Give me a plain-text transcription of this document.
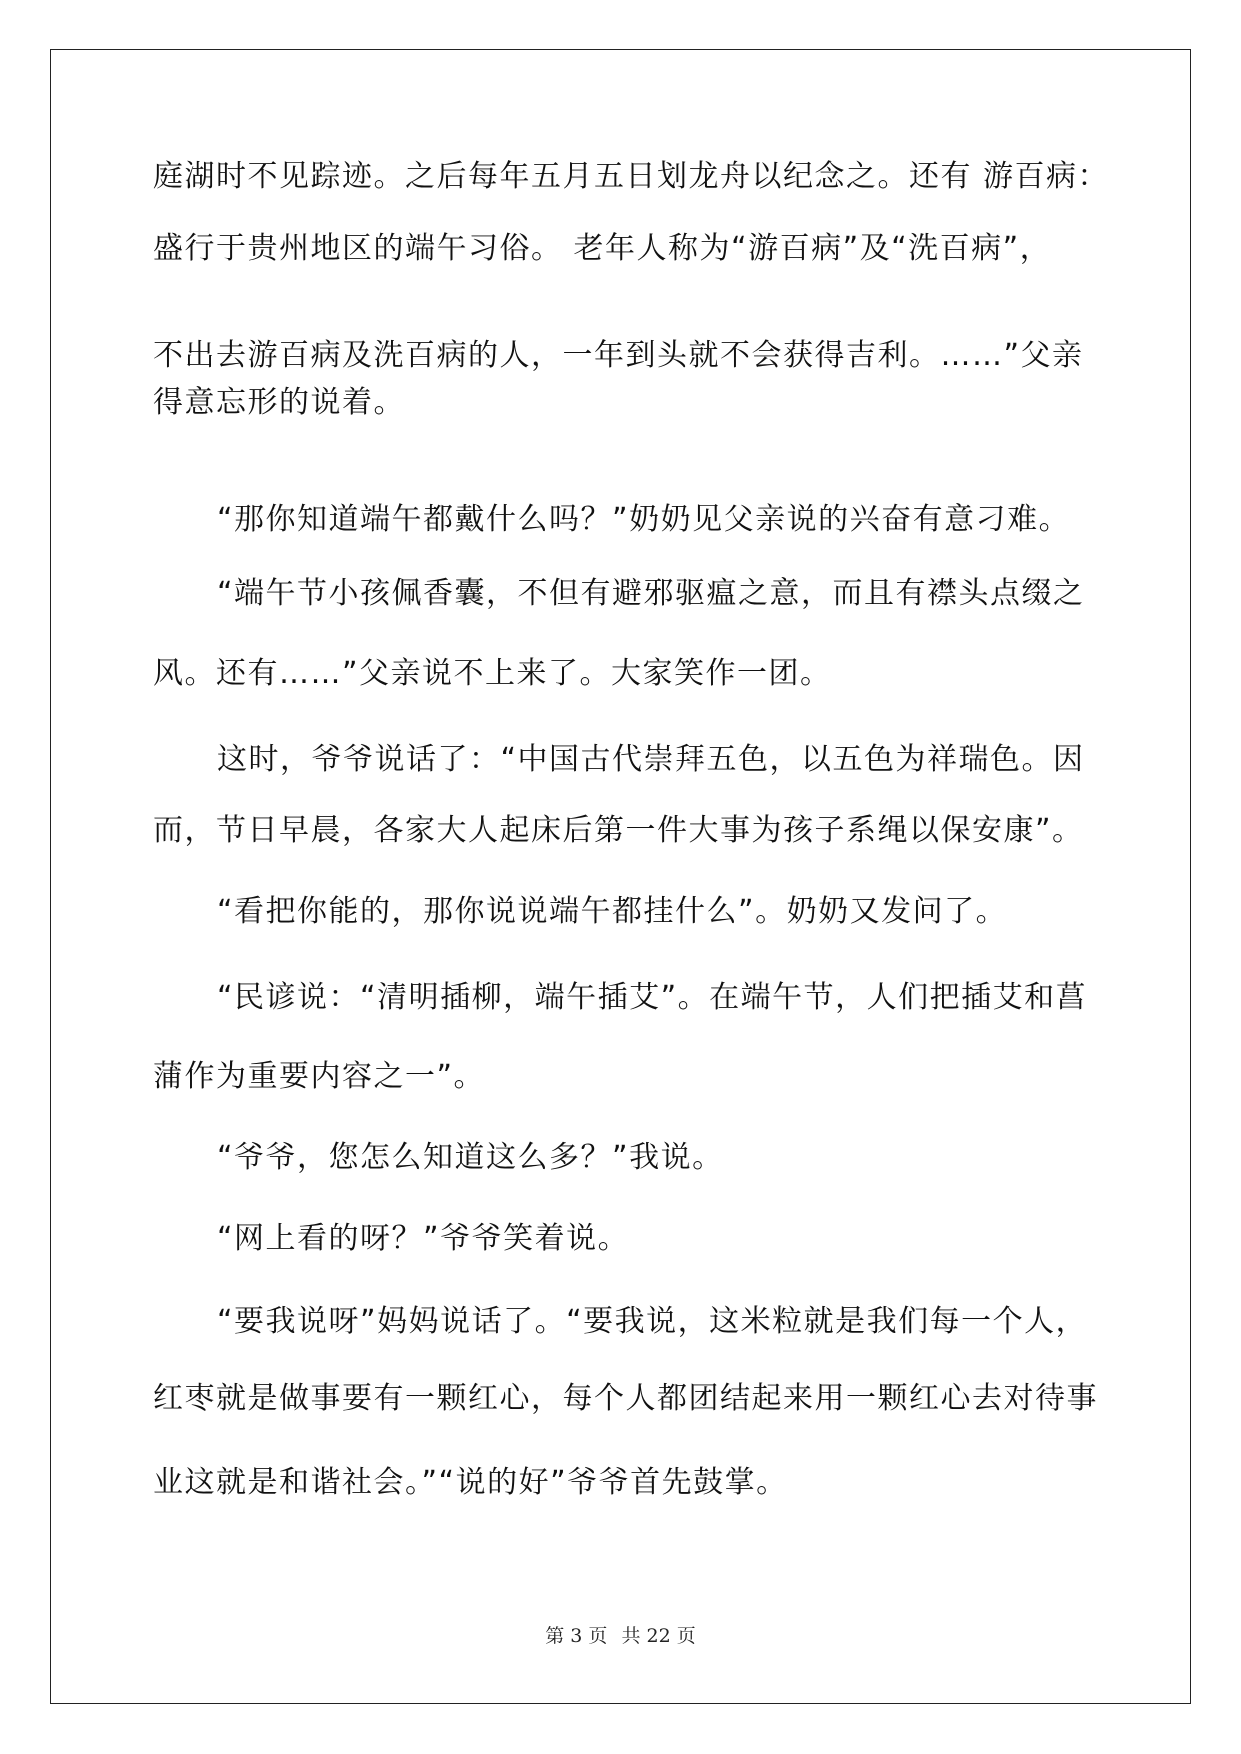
庭湖时不见踪迹。之后每年五月五日划龙舟以纪念之。还有 游百病：
盛行于贵州地区的端午习俗。 老年人称为“游百病”及“洗百病”，
不出去游百病及洗百病的人，一年到头就不会获得吉利。……”父亲
得意忘形的说着。
“那你知道端午都戴什么吗？”奶奶见父亲说的兴奋有意刁难。
“端午节小孩佩香囊，不但有避邪驱瘟之意，而且有襟头点缀之
风。还有……”父亲说不上来了。大家笑作一团。
这时，爷爷说话了：“中国古代崇拜五色，以五色为祥瑞色。因
而，节日早晨，各家大人起床后第一件大事为孩子系绳以保安康”。
“看把你能的，那你说说端午都挂什么”。奶奶又发问了。
“民谚说：“清明插柳，端午插艾”。在端午节，人们把插艾和菖
蒲作为重要内容之一”。
“爷爷，您怎么知道这么多？”我说。
“网上看的呀？”爷爷笑着说。
“要我说呀”妈妈说话了。“要我说，这米粒就是我们每一个人，
红枣就是做事要有一颗红心，每个人都团结起来用一颗红心去对待事
业这就是和谐社会。”“说的好”爷爷首先鼓掌。
第 3 页 共 22 页
